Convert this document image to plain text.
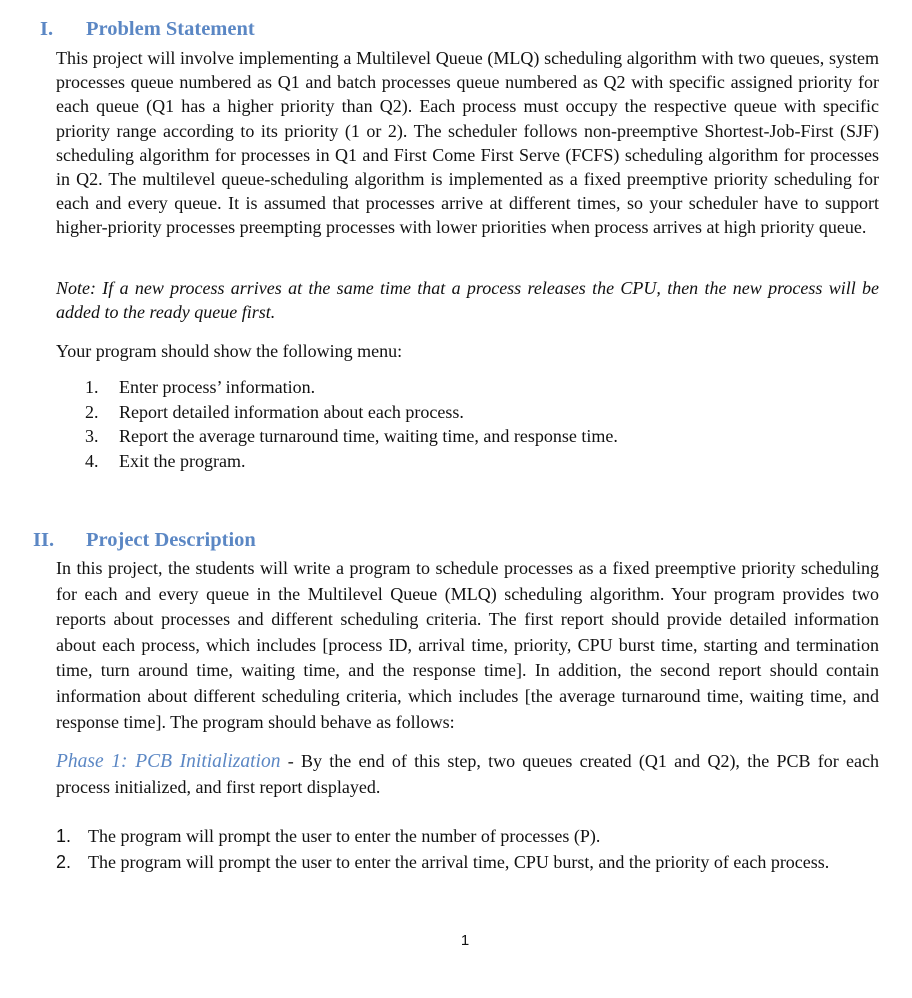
I. Problem Statement

This project will involve implementing a Multilevel Queue (MLQ) scheduling algorithm with two queues, system processes queue numbered as Q1 and batch processes queue numbered as Q2 with specific assigned priority for each queue (Q1 has a higher priority than Q2). Each process must occupy the respective queue with specific priority range according to its priority (1 or 2). The scheduler follows non-preemptive Shortest-Job-First (SJF) scheduling algorithm for processes in Q1 and First Come First Serve (FCFS) scheduling algorithm for processes in Q2. The multilevel queue-scheduling algorithm is implemented as a fixed preemptive priority scheduling for each and every queue. It is assumed that processes arrive at different times, so your scheduler have to support higher-priority processes preempting processes with lower priorities when process arrives at high priority queue.

Note: If a new process arrives at the same time that a process releases the CPU, then the new process will be added to the ready queue first.

Your program should show the following menu:

1. Enter process’ information.
2. Report detailed information about each process.
3. Report the average turnaround time, waiting time, and response time.
4. Exit the program.
II. Project Description

In this project, the students will write a program to schedule processes as a fixed preemptive priority scheduling for each and every queue in the Multilevel Queue (MLQ) scheduling algorithm. Your program provides two reports about processes and different scheduling criteria. The first report should provide detailed information about each process, which includes [process ID, arrival time, priority, CPU burst time, starting and termination time, turn around time, waiting time, and the response time]. In addition, the second report should contain information about different scheduling criteria, which includes [the average turnaround time, waiting time, and response time]. The program should behave as follows:

Phase 1: PCB Initialization - By the end of this step, two queues created (Q1 and Q2), the PCB for each process initialized, and first report displayed.

1. The program will prompt the user to enter the number of processes (P).
2. The program will prompt the user to enter the arrival time, CPU burst, and the priority of each process.

1
